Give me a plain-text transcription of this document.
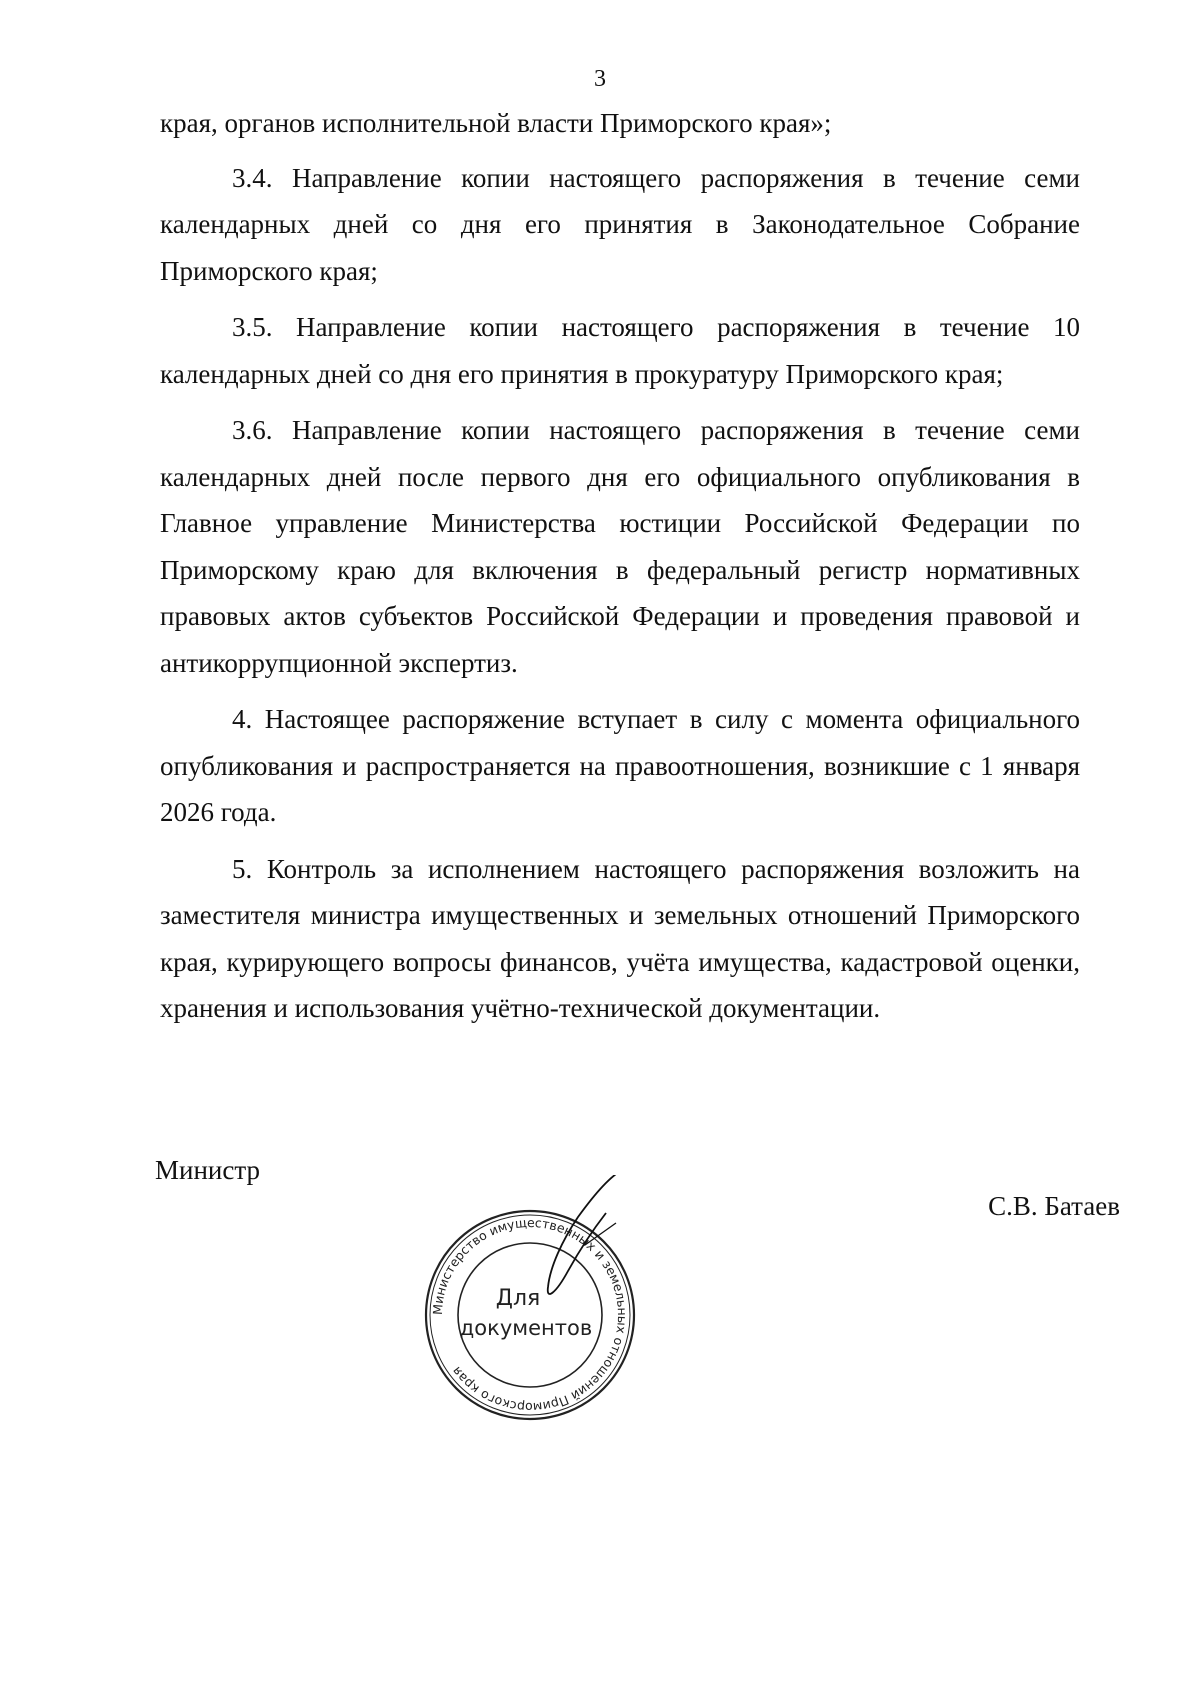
3

края, органов исполнительной власти Приморского края»;

3.4. Направление копии настоящего распоряжения в течение семи календарных дней со дня его принятия в Законодательное Собрание Приморского края;

3.5. Направление копии настоящего распоряжения в течение 10 календарных дней со дня его принятия в прокуратуру Приморского края;

3.6. Направление копии настоящего распоряжения в течение семи календарных дней после первого дня его официального опубликования в Главное управление Министерства юстиции Российской Федерации по Приморскому краю для включения в федеральный регистр нормативных правовых актов субъектов Российской Федерации и проведения правовой и антикоррупционной экспертиз.

4. Настоящее распоряжение вступает в силу с момента официального опубликования и распространяется на правоотношения, возникшие с 1 января 2026 года.

5. Контроль за исполнением настоящего распоряжения возложить на заместителя министра имущественных и земельных отношений Приморского края, курирующего вопросы финансов, учёта имущества, кадастровой оценки, хранения и использования учётно-технической документации.

Министр
Министерство имущественных и земельных отношений Приморского края
Для
документов
С.В. Батаев
